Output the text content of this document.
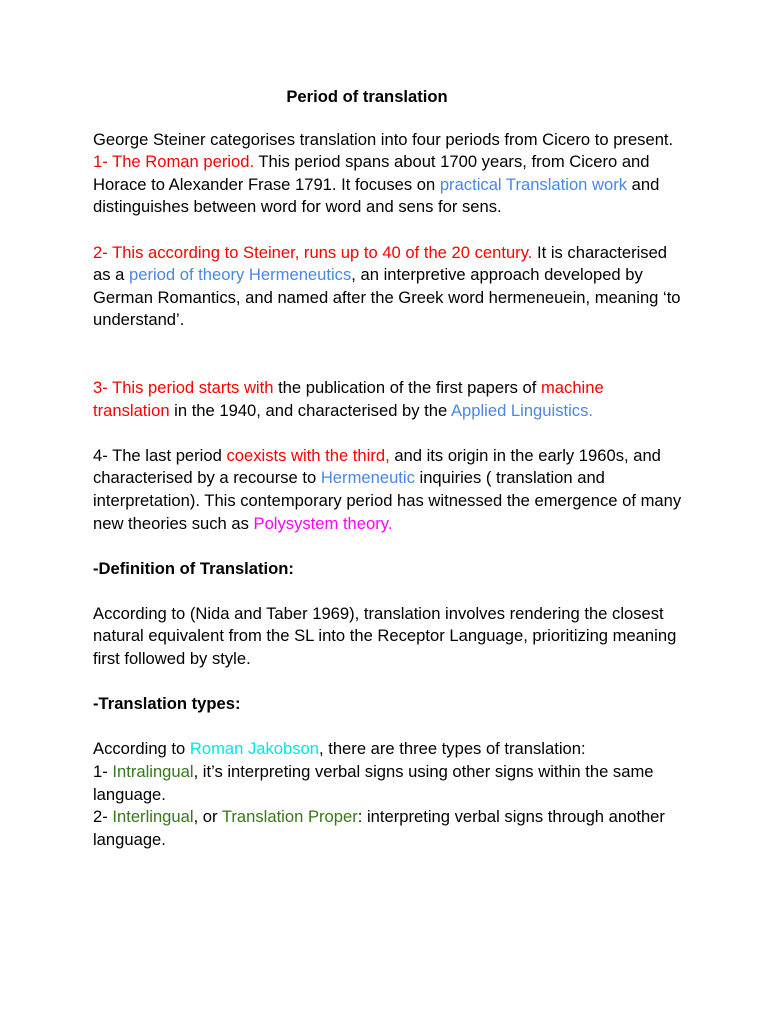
Period of translation

George Steiner categorises translation into four periods from Cicero to present.

1- The Roman period. This period spans about 1700 years, from Cicero and Horace to Alexander Frase 1791. It focuses on practical Translation work and distinguishes between word for word and sens for sens.

2- This according to Steiner, runs up to 40 of the 20 century. It is characterised as a period of theory Hermeneutics, an interpretive approach developed by German Romantics, and named after the Greek word hermeneuein, meaning ‘to understand’.

3- This period starts with the publication of the first papers of machine translation in the 1940, and characterised by the Applied Linguistics.

4- The last period coexists with the third, and its origin in the early 1960s, and characterised by a recourse to Hermeneutic inquiries ( translation and interpretation). This contemporary period has witnessed the emergence of many new theories such as Polysystem theory.

-Definition of Translation:

According to (Nida and Taber 1969), translation involves rendering the closest natural equivalent from the SL into the Receptor Language, prioritizing meaning first followed by style.

-Translation types:

According to Roman Jakobson, there are three types of translation:

1- Intralingual, it’s interpreting verbal signs using other signs within the same language.

2- Interlingual, or Translation Proper: interpreting verbal signs through another language.
